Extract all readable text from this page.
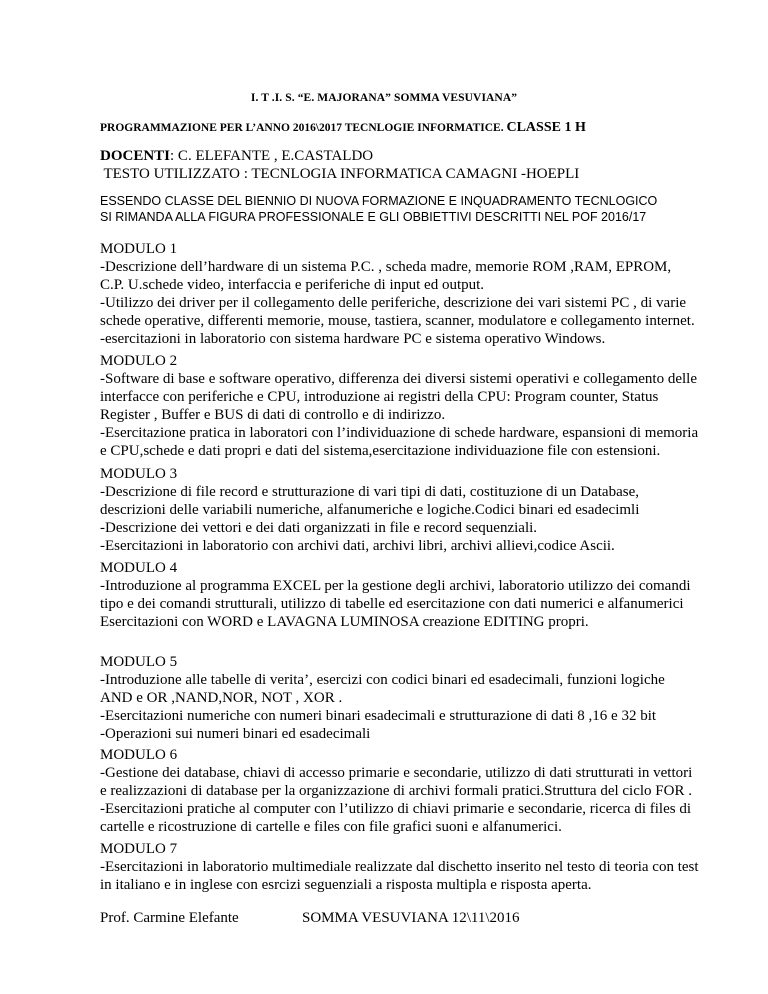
I. T .I. S. “E. MAJORANA” SOMMA VESUVIANA”
PROGRAMMAZIONE PER L’ANNO 2016\2017 TECNLOGIE INFORMATICE. CLASSE 1 H
DOCENTI: C. ELEFANTE , E.CASTALDO
TESTO UTILIZZATO : TECNLOGIA INFORMATICA CAMAGNI -HOEPLI
ESSENDO CLASSE DEL BIENNIO DI NUOVA FORMAZIONE E INQUADRAMENTO TECNLOGICO
SI RIMANDA ALLA FIGURA PROFESSIONALE E GLI OBBIETTIVI DESCRITTI NEL POF 2016/17

MODULO 1

-Descrizione dell’hardware di un sistema P.C. , scheda madre, memorie ROM ,RAM, EPROM,

C.P. U.schede video, interfaccia e periferiche di input ed output.

-Utilizzo dei driver per il collegamento delle periferiche, descrizione dei vari sistemi PC , di varie

schede operative, differenti memorie, mouse, tastiera, scanner, modulatore e collegamento internet.

-esercitazioni in laboratorio con sistema hardware PC e sistema operativo Windows.

MODULO 2

-Software di base e software operativo, differenza dei diversi sistemi operativi e collegamento delle

interfacce con periferiche e CPU, introduzione ai registri della CPU: Program counter, Status

Register , Buffer e BUS di dati di controllo e di indirizzo.

-Esercitazione pratica in laboratori con l’individuazione di schede hardware, espansioni di memoria

e CPU,schede e dati propri e dati del sistema,esercitazione individuazione file con estensioni.

MODULO 3

-Descrizione di file record e strutturazione di vari tipi di dati, costituzione di un Database,

descrizioni delle variabili numeriche, alfanumeriche e logiche.Codici binari ed esadecimli

-Descrizione dei vettori e dei dati organizzati in file e record sequenziali.

-Esercitazioni in laboratorio con archivi dati, archivi libri, archivi allievi,codice Ascii.

MODULO 4

-Introduzione al programma EXCEL per la gestione degli archivi, laboratorio utilizzo dei comandi

tipo e dei comandi strutturali, utilizzo di tabelle ed esercitazione con dati numerici e alfanumerici

Esercitazioni con WORD e LAVAGNA LUMINOSA creazione EDITING propri.

MODULO 5

-Introduzione alle tabelle di verita’, esercizi con codici binari ed esadecimali, funzioni logiche

AND e OR ,NAND,NOR, NOT , XOR .

-Esercitazioni numeriche con numeri binari esadecimali e strutturazione di dati 8 ,16 e 32 bit

-Operazioni sui numeri binari ed esadecimali

MODULO 6

-Gestione dei database, chiavi di accesso primarie e secondarie, utilizzo di dati strutturati in vettori

e realizzazioni di database per la organizzazione di archivi formali pratici.Struttura del ciclo FOR .

-Esercitazioni pratiche al computer con l’utilizzo di chiavi primarie e secondarie, ricerca di files di

cartelle e ricostruzione di cartelle e files con file grafici suoni e alfanumerici.

MODULO 7

-Esercitazioni in laboratorio multimediale realizzate dal dischetto inserito nel testo di teoria con test

in italiano e in inglese con esrcizi seguenziali a risposta multipla e risposta aperta.

Prof. Carmine Elefante	SOMMA VESUVIANA 12\11\2016
